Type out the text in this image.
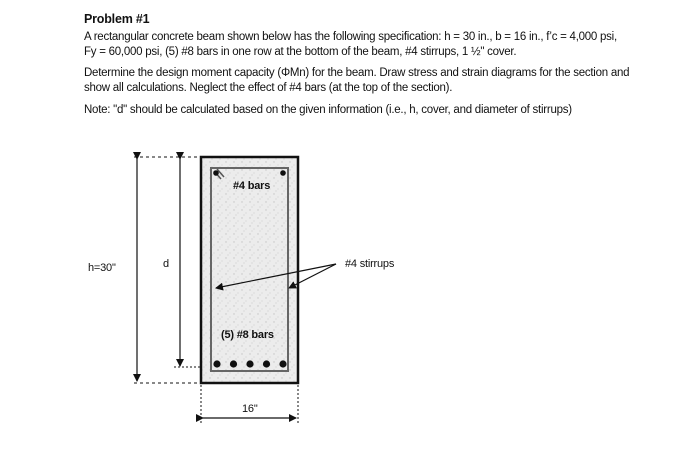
Problem #1

A rectangular concrete beam shown below has the following specification: h = 30 in., b = 16 in., f’c = 4,000 psi,
Fy = 60,000 psi, (5) #8 bars in one row at the bottom of the beam, #4 stirrups, 1 ½" cover.

Determine the design moment capacity (ΦMn) for the beam. Draw stress and strain diagrams for the section and
show all calculations. Neglect the effect of #4 bars (at the top of the section).

Note: "d" should be calculated based on the given information (i.e., h, cover, and diameter of stirrups)

h=30"	d
#4 bars
#4 stirrups
(5) #8 bars
16"
